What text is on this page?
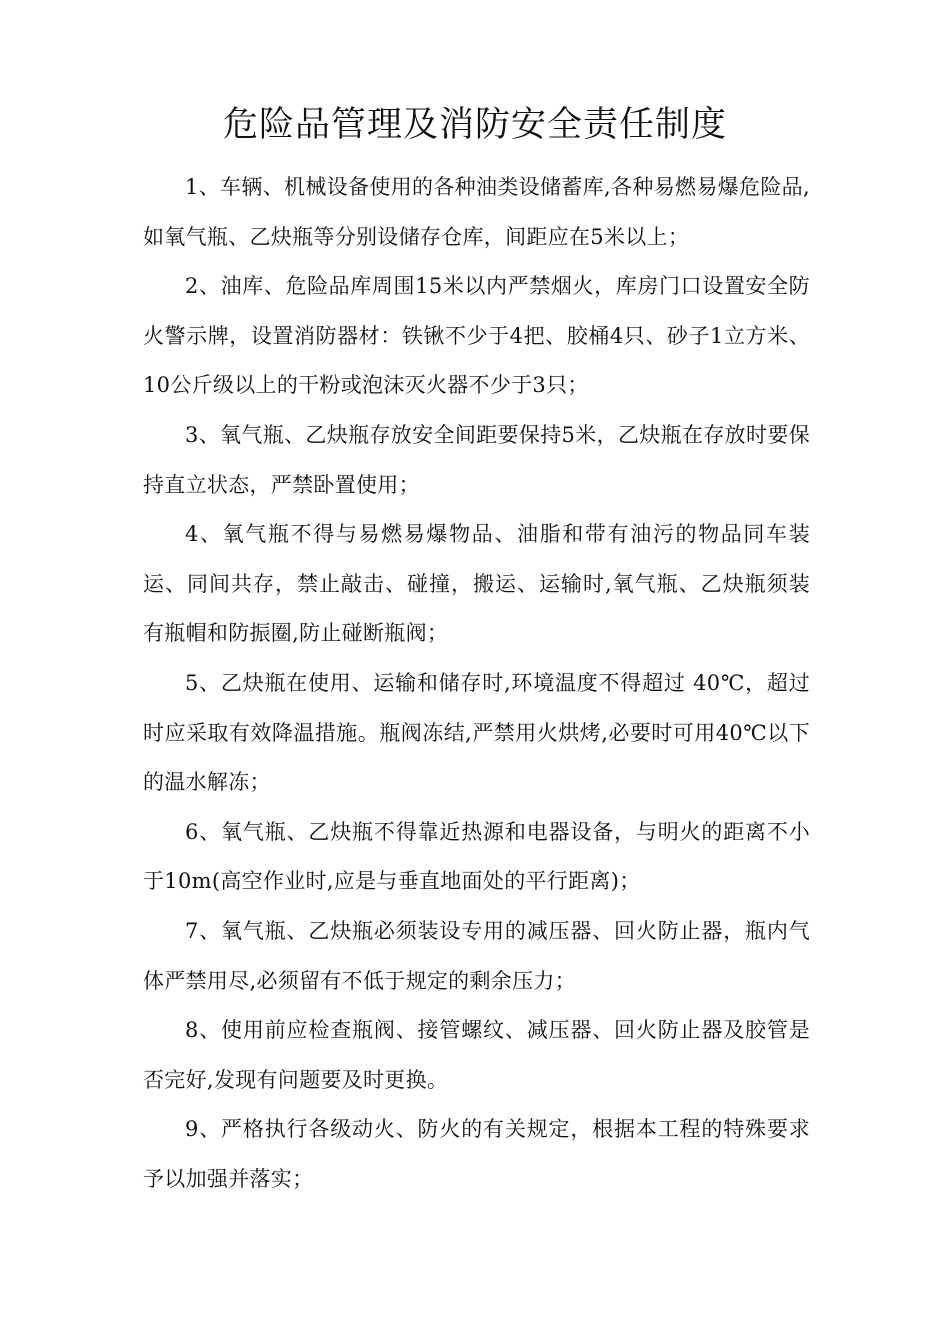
危险品管理及消防安全责任制度

1、车辆、机械设备使用的各种油类设储蓄库,各种易燃易爆危险品,如氧气瓶、乙炔瓶等分别设储存仓库，间距应在5米以上；

2、油库、危险品库周围15米以内严禁烟火，库房门口设置安全防火警示牌，设置消防器材：铁锹不少于4把、胶桶4只、砂子1立方米、10公斤级以上的干粉或泡沫灭火器不少于3只；

3、氧气瓶、乙炔瓶存放安全间距要保持5米，乙炔瓶在存放时要保持直立状态，严禁卧置使用；

4、氧气瓶不得与易燃易爆物品、油脂和带有油污的物品同车装运、同间共存，禁止敲击、碰撞，搬运、运输时,氧气瓶、乙炔瓶须装有瓶帽和防振圈,防止碰断瓶阀；

5、乙炔瓶在使用、运输和储存时,环境温度不得超过 40℃，超过时应采取有效降温措施。瓶阀冻结,严禁用火烘烤,必要时可用40℃以下的温水解冻；

6、氧气瓶、乙炔瓶不得靠近热源和电器设备，与明火的距离不小于10m(高空作业时,应是与垂直地面处的平行距离)；

7、氧气瓶、乙炔瓶必须装设专用的减压器、回火防止器，瓶内气体严禁用尽,必须留有不低于规定的剩余压力；

8、使用前应检查瓶阀、接管螺纹、减压器、回火防止器及胶管是否完好,发现有问题要及时更换。

9、严格执行各级动火、防火的有关规定，根据本工程的特殊要求予以加强并落实；
